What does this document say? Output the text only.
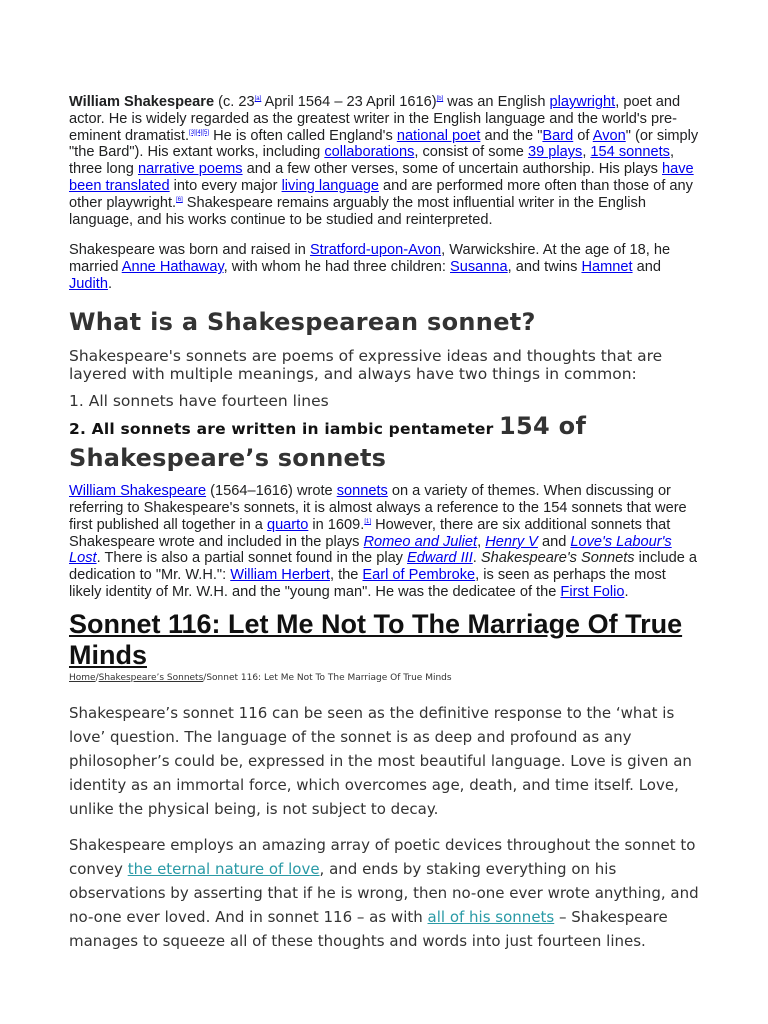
William Shakespeare (c. 23[a] April 1564 – 23 April 1616)[b] was an English playwright, poet and actor. He is widely regarded as the greatest writer in the English language and the world's pre-eminent dramatist.[3][4][5] He is often called England's national poet and the "Bard of Avon" (or simply "the Bard"). His extant works, including collaborations, consist of some 39 plays, 154 sonnets, three long narrative poems and a few other verses, some of uncertain authorship. His plays have been translated into every major living language and are performed more often than those of any other playwright.[6] Shakespeare remains arguably the most influential writer in the English language, and his works continue to be studied and reinterpreted.

Shakespeare was born and raised in Stratford-upon-Avon, Warwickshire. At the age of 18, he married Anne Hathaway, with whom he had three children: Susanna, and twins Hamnet and Judith.

What is a Shakespearean sonnet?

Shakespeare's sonnets are poems of expressive ideas and thoughts that are layered with multiple meanings, and always have two things in common:

1. All sonnets have fourteen lines

2. All sonnets are written in iambic pentameter 154 of
Shakespeare’s sonnets

William Shakespeare (1564–1616) wrote sonnets on a variety of themes. When discussing or referring to Shakespeare's sonnets, it is almost always a reference to the 154 sonnets that were first published all together in a quarto in 1609.[1] However, there are six additional sonnets that Shakespeare wrote and included in the plays Romeo and Juliet, Henry V and Love's Labour's Lost. There is also a partial sonnet found in the play Edward III. Shakespeare's Sonnets include a dedication to "Mr. W.H.": William Herbert, the Earl of Pembroke, is seen as perhaps the most likely identity of Mr. W.H. and the "young man". He was the dedicatee of the First Folio.

Sonnet 116: Let Me Not To The Marriage Of True Minds
Home/Shakespeare’s Sonnets/Sonnet 116: Let Me Not To The Marriage Of True Minds

Shakespeare’s sonnet 116 can be seen as the definitive response to the ‘what is love’ question. The language of the sonnet is as deep and profound as any philosopher’s could be, expressed in the most beautiful language. Love is given an identity as an immortal force, which overcomes age, death, and time itself. Love, unlike the physical being, is not subject to decay.

Shakespeare employs an amazing array of poetic devices throughout the sonnet to convey the eternal nature of love, and ends by staking everything on his observations by asserting that if he is wrong, then no-one ever wrote anything, and no-one ever loved. And in sonnet 116 – as with all of his sonnets – Shakespeare manages to squeeze all of these thoughts and words into just fourteen lines.
